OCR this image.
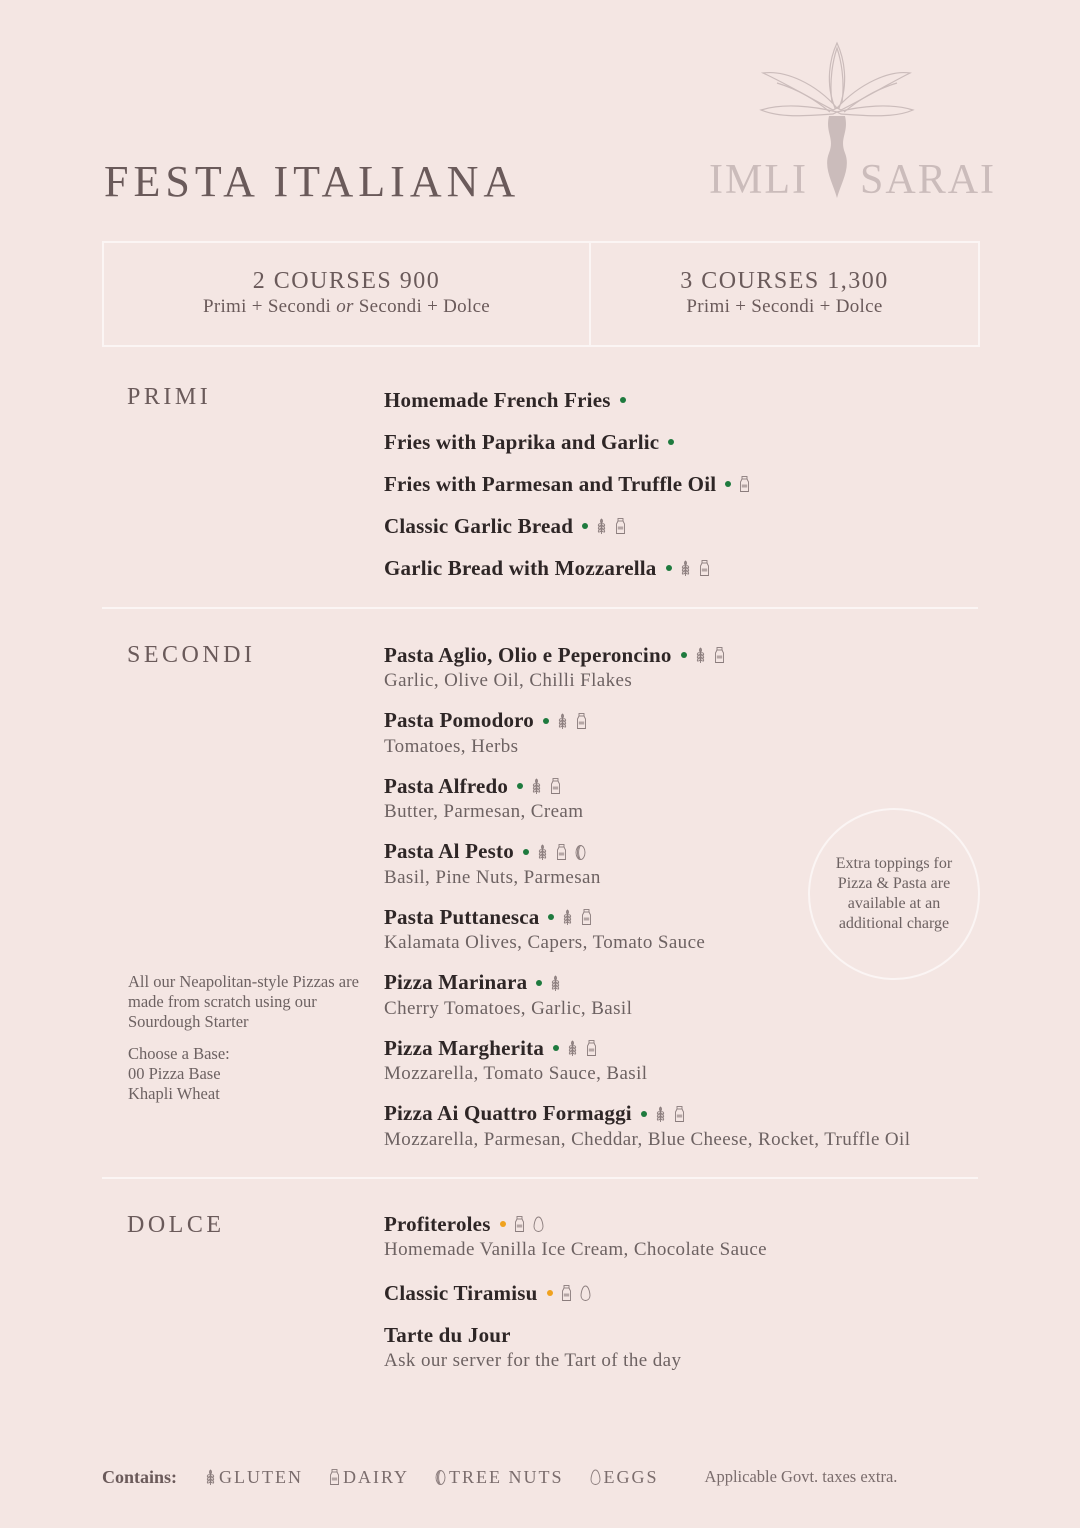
FESTA ITALIANA	IMLI SARAI
2 COURSES 900
Primi + Secondi or Secondi + Dolce
3 COURSES 1,300
Primi + Secondi + Dolce
PRIMI	Homemade French Fries
Fries with Paprika and Garlic
Fries with Parmesan and Truffle Oil
Classic Garlic Bread
Garlic Bread with Mozzarella
SECONDI	Pasta Aglio, Olio e Peperoncino
Garlic, Olive Oil, Chilli Flakes
Pasta Pomodoro
Tomatoes, Herbs
Pasta Alfredo
Butter, Parmesan, Cream
Pasta Al Pesto
Basil, Pine Nuts, Parmesan
Pasta Puttanesca
Kalamata Olives, Capers, Tomato Sauce
Pizza Marinara
Cherry Tomatoes, Garlic, Basil
Pizza Margherita
Mozzarella, Tomato Sauce, Basil
Pizza Ai Quattro Formaggi
Mozzarella, Parmesan, Cheddar, Blue Cheese, Rocket, Truffle Oil

All our Neapolitan-style Pizzas are made from scratch using our Sourdough Starter

Choose a Base:
00 Pizza Base
Khapli Wheat

Extra toppings for Pizza & Pasta are available at an additional charge
DOLCE	Profiteroles
Homemade Vanilla Ice Cream, Chocolate Sauce
Classic Tiramisu
Tarte du Jour
Ask our server for the Tart of the day
Contains: GLUTEN DAIRY TREE NUTS EGGS	Applicable Govt. taxes extra.
